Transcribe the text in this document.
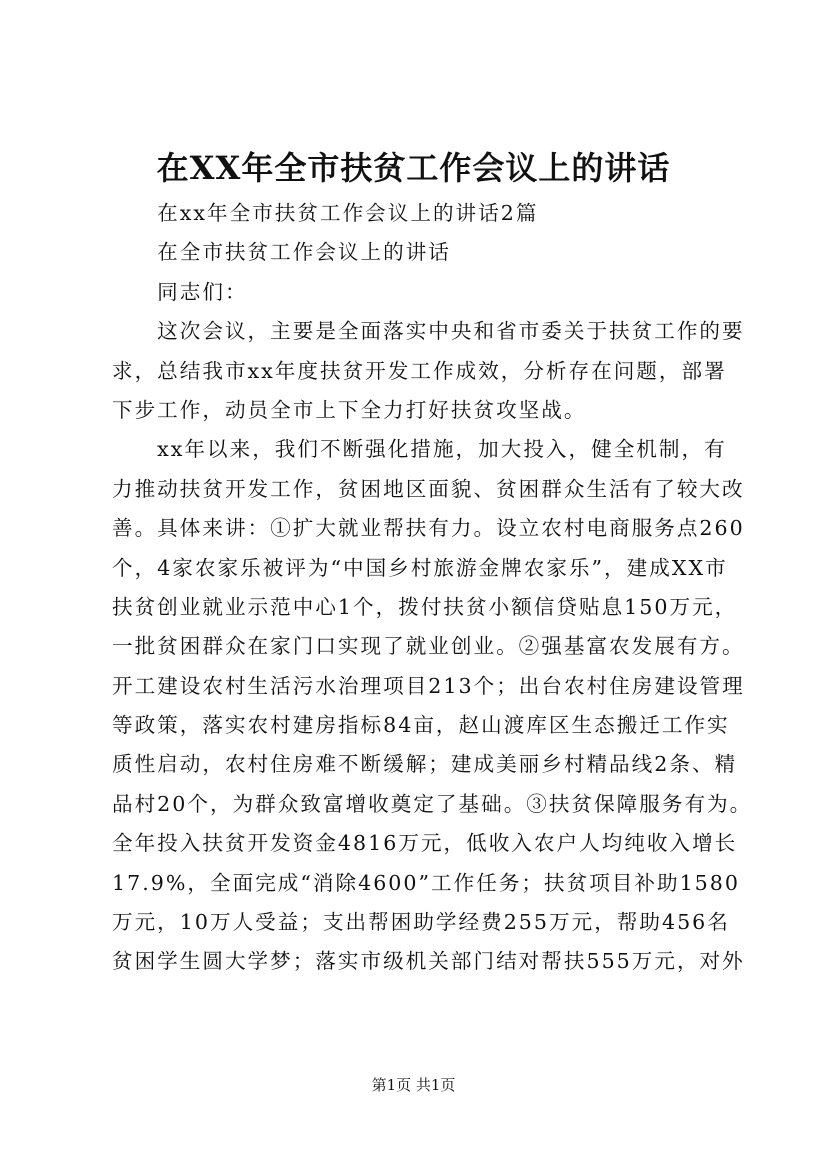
在XX年全市扶贫工作会议上的讲话
　　在xx年全市扶贫工作会议上的讲话2篇
　　在全市扶贫工作会议上的讲话
　　同志们：
　　这次会议，主要是全面落实中央和省市委关于扶贫工作的要
求，总结我市xx年度扶贫开发工作成效，分析存在问题，部署
下步工作，动员全市上下全力打好扶贫攻坚战。
　　xx年以来，我们不断强化措施，加大投入，健全机制，有
力推动扶贫开发工作，贫困地区面貌、贫困群众生活有了较大改
善。具体来讲：①扩大就业帮扶有力。设立农村电商服务点260
个，4家农家乐被评为“中国乡村旅游金牌农家乐”，建成XX市
扶贫创业就业示范中心1个，拨付扶贫小额信贷贴息150万元，
一批贫困群众在家门口实现了就业创业。②强基富农发展有方。
开工建设农村生活污水治理项目213个；出台农村住房建设管理
等政策，落实农村建房指标84亩，赵山渡库区生态搬迁工作实
质性启动，农村住房难不断缓解；建成美丽乡村精品线2条、精
品村20个，为群众致富增收奠定了基础。③扶贫保障服务有为。
全年投入扶贫开发资金4816万元，低收入农户人均纯收入增长
17.9%，全面完成“消除4600”工作任务；扶贫项目补助1580
万元，10万人受益；支出帮困助学经费255万元，帮助456名
贫困学生圆大学梦；落实市级机关部门结对帮扶555万元，对外
第1页 共1页
